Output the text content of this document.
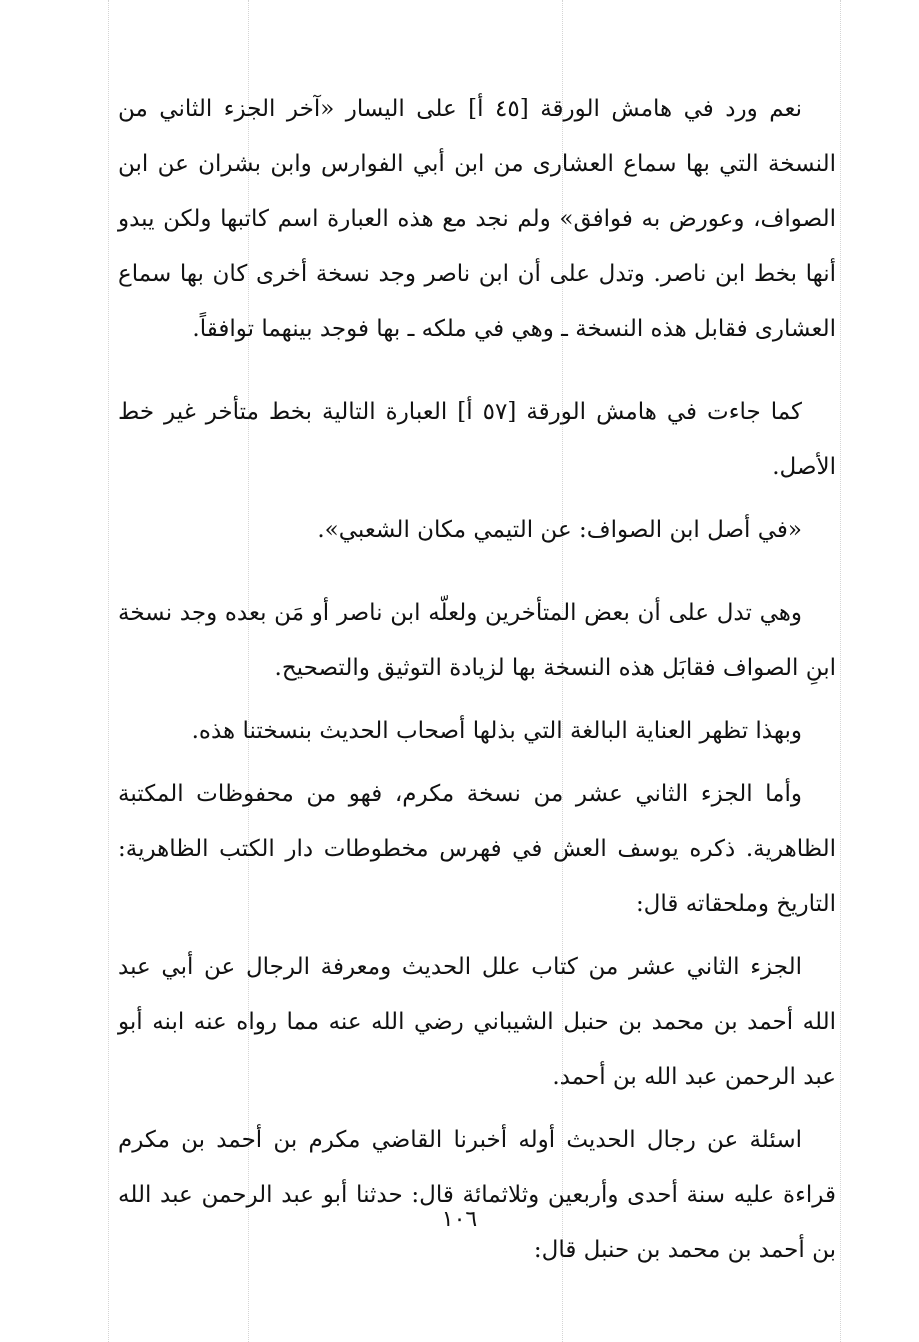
نعم ورد في هامش الورقة [٤٥ أ] على اليسار «آخر الجزء الثاني من النسخة التي بها سماع العشارى من ابن أبي الفوارس وابن بشران عن ابن الصواف، وعورض به فوافق» ولم نجد مع هذه العبارة اسم كاتبها ولكن يبدو أنها بخط ابن ناصر. وتدل على أن ابن ناصر وجد نسخة أخرى كان بها سماع العشارى فقابل هذه النسخة ـ وهي في ملكه ـ بها فوجد بينهما توافقاً.

كما جاءت في هامش الورقة [٥٧ أ] العبارة التالية بخط متأخر غير خط الأصل.

«في أصل ابن الصواف: عن التيمي مكان الشعبي».

وهي تدل على أن بعض المتأخرين ولعلّه ابن ناصر أو مَن بعده وجد نسخة ابنِ الصواف فقابَل هذه النسخة بها لزيادة التوثيق والتصحيح.

وبهذا تظهر العناية البالغة التي بذلها أصحاب الحديث بنسختنا هذه.

وأما الجزء الثاني عشر من نسخة مكرم، فهو من محفوظات المكتبة الظاهرية. ذكره يوسف العش في فهرس مخطوطات دار الكتب الظاهرية: التاريخ وملحقاته قال:

الجزء الثاني عشر من كتاب علل الحديث ومعرفة الرجال عن أبي عبد الله أحمد بن محمد بن حنبل الشيباني رضي الله عنه مما رواه عنه ابنه أبو عبد الرحمن عبد الله بن أحمد.

اسئلة عن رجال الحديث أوله أخبرنا القاضي مكرم بن أحمد بن مكرم قراءة عليه سنة أحدى وأربعين وثلاثمائة قال: حدثنا أبو عبد الرحمن عبد الله بن أحمد بن محمد بن حنبل قال:

١٠٦
